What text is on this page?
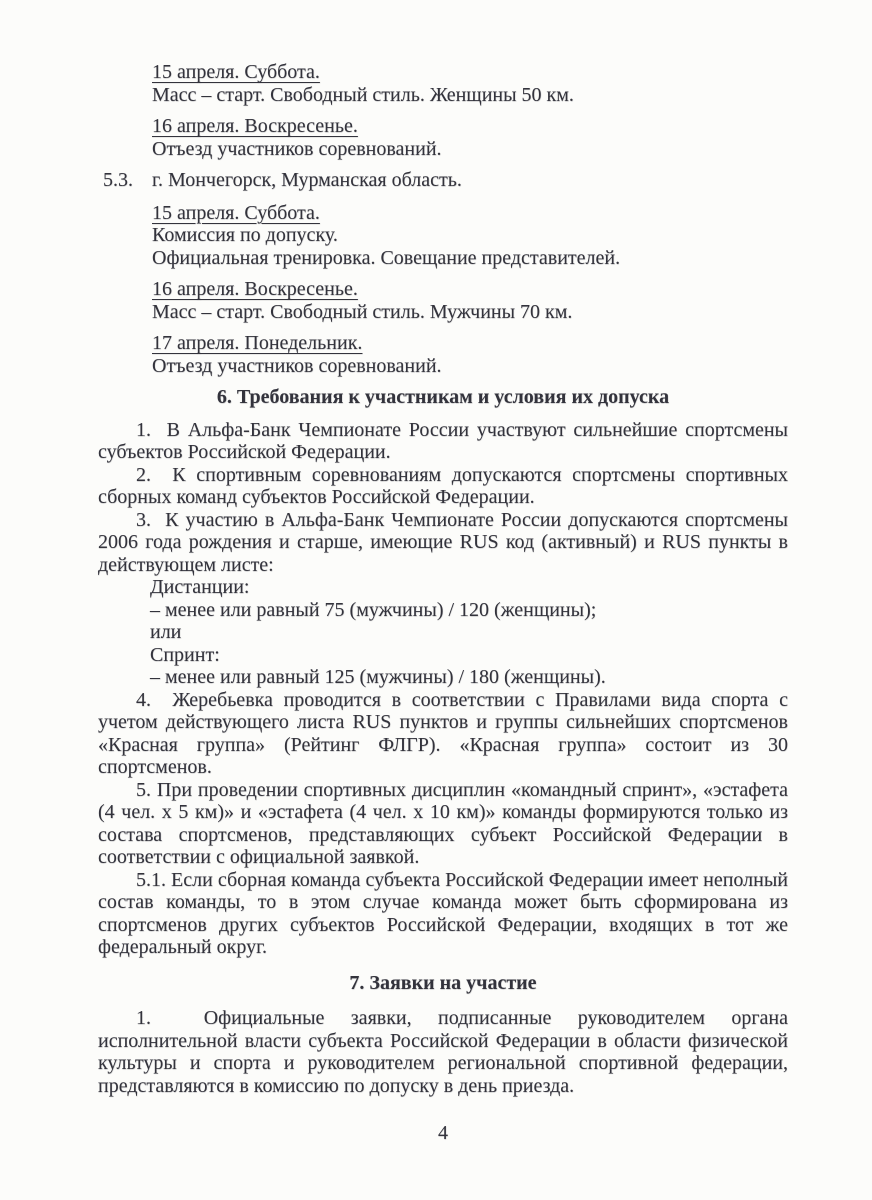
15 апреля. Суббота.
Масс – старт. Свободный стиль. Женщины 50 км.
16 апреля. Воскресенье.
Отъезд участников соревнований.
5.3. г. Мончегорск, Мурманская область.
15 апреля. Суббота.
Комиссия по допуску.
Официальная тренировка. Совещание представителей.
16 апреля. Воскресенье.
Масс – старт. Свободный стиль. Мужчины 70 км.
17 апреля. Понедельник.
Отъезд участников соревнований.
6. Требования к участникам и условия их допуска

1.  В Альфа-Банк Чемпионате России участвуют сильнейшие спортсмены субъектов Российской Федерации.

2.  К спортивным соревнованиям допускаются спортсмены спортивных сборных команд субъектов Российской Федерации.

3.  К участию в Альфа-Банк Чемпионате России допускаются спортсмены 2006 года рождения и старше, имеющие RUS код (активный) и RUS пункты в действующем листе:

Дистанции:
– менее или равный 75 (мужчины) / 120 (женщины);
или
Спринт:
– менее или равный 125 (мужчины) / 180 (женщины).

4.  Жеребьевка проводится в соответствии с Правилами вида спорта с учетом действующего листа RUS пунктов и группы сильнейших спортсменов «Красная группа» (Рейтинг ФЛГР). «Красная группа» состоит из 30 спортсменов.

5. При проведении спортивных дисциплин «командный спринт», «эстафета (4 чел. х 5 км)» и «эстафета (4 чел. х 10 км)» команды формируются только из состава спортсменов, представляющих субъект Российской Федерации в соответствии с официальной заявкой.

5.1. Если сборная команда субъекта Российской Федерации имеет неполный состав команды, то в этом случае команда может быть сформирована из спортсменов других субъектов Российской Федерации, входящих в тот же федеральный округ.

7. Заявки на участие

1.  Официальные заявки, подписанные руководителем органа исполнительной власти субъекта Российской Федерации в области физической культуры и спорта и руководителем региональной спортивной федерации, представляются в комиссию по допуску в день приезда.

4
